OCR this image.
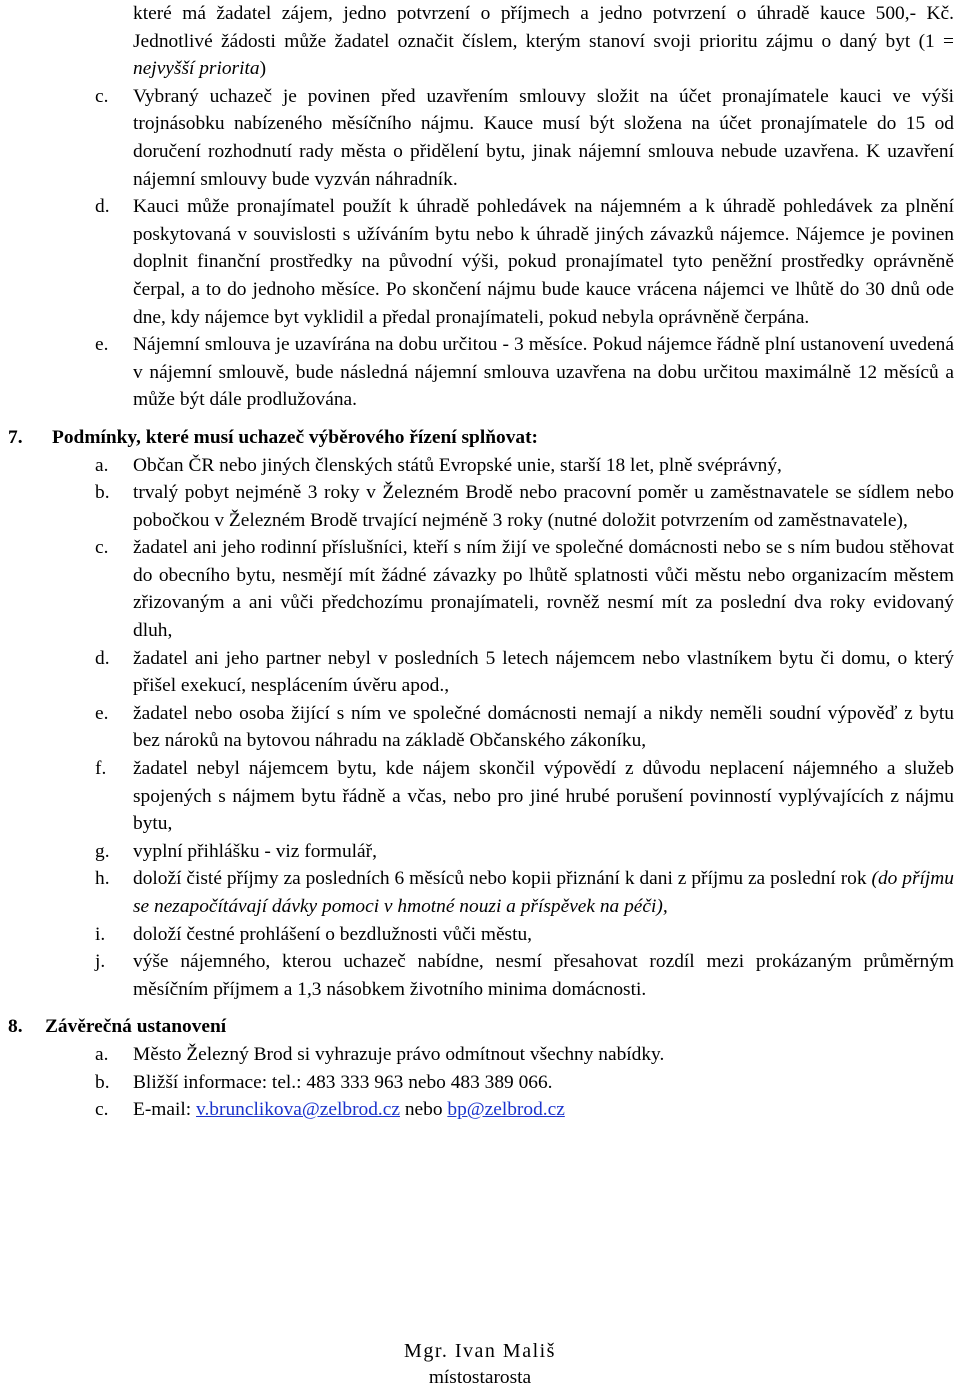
které má žadatel zájem, jedno potvrzení o příjmech a jedno potvrzení o úhradě kauce 500,- Kč. Jednotlivé žádosti může žadatel označit číslem, kterým stanoví svoji prioritu zájmu o daný byt (1 = nejvyšší priorita)
c. Vybraný uchazeč je povinen před uzavřením smlouvy složit na účet pronajímatele kauci ve výši trojnásobku nabízeného měsíčního nájmu. Kauce musí být složena na účet pronajímatele do 15 od doručení rozhodnutí rady města o přidělení bytu, jinak nájemní smlouva nebude uzavřena. K uzavření nájemní smlouvy bude vyzván náhradník.
d. Kauci může pronajímatel použít k úhradě pohledávek na nájemném a k úhradě pohledávek za plnění poskytovaná v souvislosti s užíváním bytu nebo k úhradě jiných závazků nájemce. Nájemce je povinen doplnit finanční prostředky na původní výši, pokud pronajímatel tyto peněžní prostředky oprávněně čerpal, a to do jednoho měsíce. Po skončení nájmu bude kauce vrácena nájemci ve lhůtě do 30 dnů ode dne, kdy nájemce byt vyklidil a předal pronajímateli, pokud nebyla oprávněně čerpána.
e. Nájemní smlouva je uzavírána na dobu určitou - 3 měsíce. Pokud nájemce řádně plní ustanovení uvedená v nájemní smlouvě, bude následná nájemní smlouva uzavřena na dobu určitou maximálně 12 měsíců a může být dále prodlužována.
7. Podmínky, které musí uchazeč výběrového řízení splňovat:
a. Občan ČR nebo jiných členských států Evropské unie, starší 18 let, plně svéprávný,
b. trvalý pobyt nejméně 3 roky v Železném Brodě nebo pracovní poměr u zaměstnavatele se sídlem nebo pobočkou v Železném Brodě trvající nejméně 3 roky (nutné doložit potvrzením od zaměstnavatele),
c. žadatel ani jeho rodinní příslušníci, kteří s ním žijí ve společné domácnosti nebo se s ním budou stěhovat do obecního bytu, nesmějí mít žádné závazky po lhůtě splatnosti vůči městu nebo organizacím městem zřizovaným a ani vůči předchozímu pronajímateli, rovněž nesmí mít za poslední dva roky evidovaný dluh,
d. žadatel ani jeho partner nebyl v posledních 5 letech nájemcem nebo vlastníkem bytu či domu, o který přišel exekucí, nesplácením úvěru apod.,
e. žadatel nebo osoba žijící s ním ve společné domácnosti nemají a nikdy neměli soudní výpověď z bytu bez nároků na bytovou náhradu na základě Občanského zákoníku,
f. žadatel nebyl nájemcem bytu, kde nájem skončil výpovědí z důvodu neplacení nájemného a služeb spojených s nájmem bytu řádně a včas, nebo pro jiné hrubé porušení povinností vyplývajících z nájmu bytu,
g. vyplní přihlášku - viz formulář,
h. doloží čisté příjmy za posledních 6 měsíců nebo kopii přiznání k dani z příjmu za poslední rok (do příjmu se nezapočítávají dávky pomoci v hmotné nouzi a příspěvek na péči),
i. doloží čestné prohlášení o bezdlužnosti vůči městu,
j. výše nájemného, kterou uchazeč nabídne, nesmí přesahovat rozdíl mezi prokázaným průměrným měsíčním příjmem a 1,3 násobkem životního minima domácnosti.
8. Závěrečná ustanovení
a. Město Železný Brod si vyhrazuje právo odmítnout všechny nabídky.
b. Bližší informace: tel.: 483 333 963 nebo 483 389 066.
c. E-mail: v.brunclikova@zelbrod.cz nebo bp@zelbrod.cz
Mgr. Ivan Mališ
místostarosta
